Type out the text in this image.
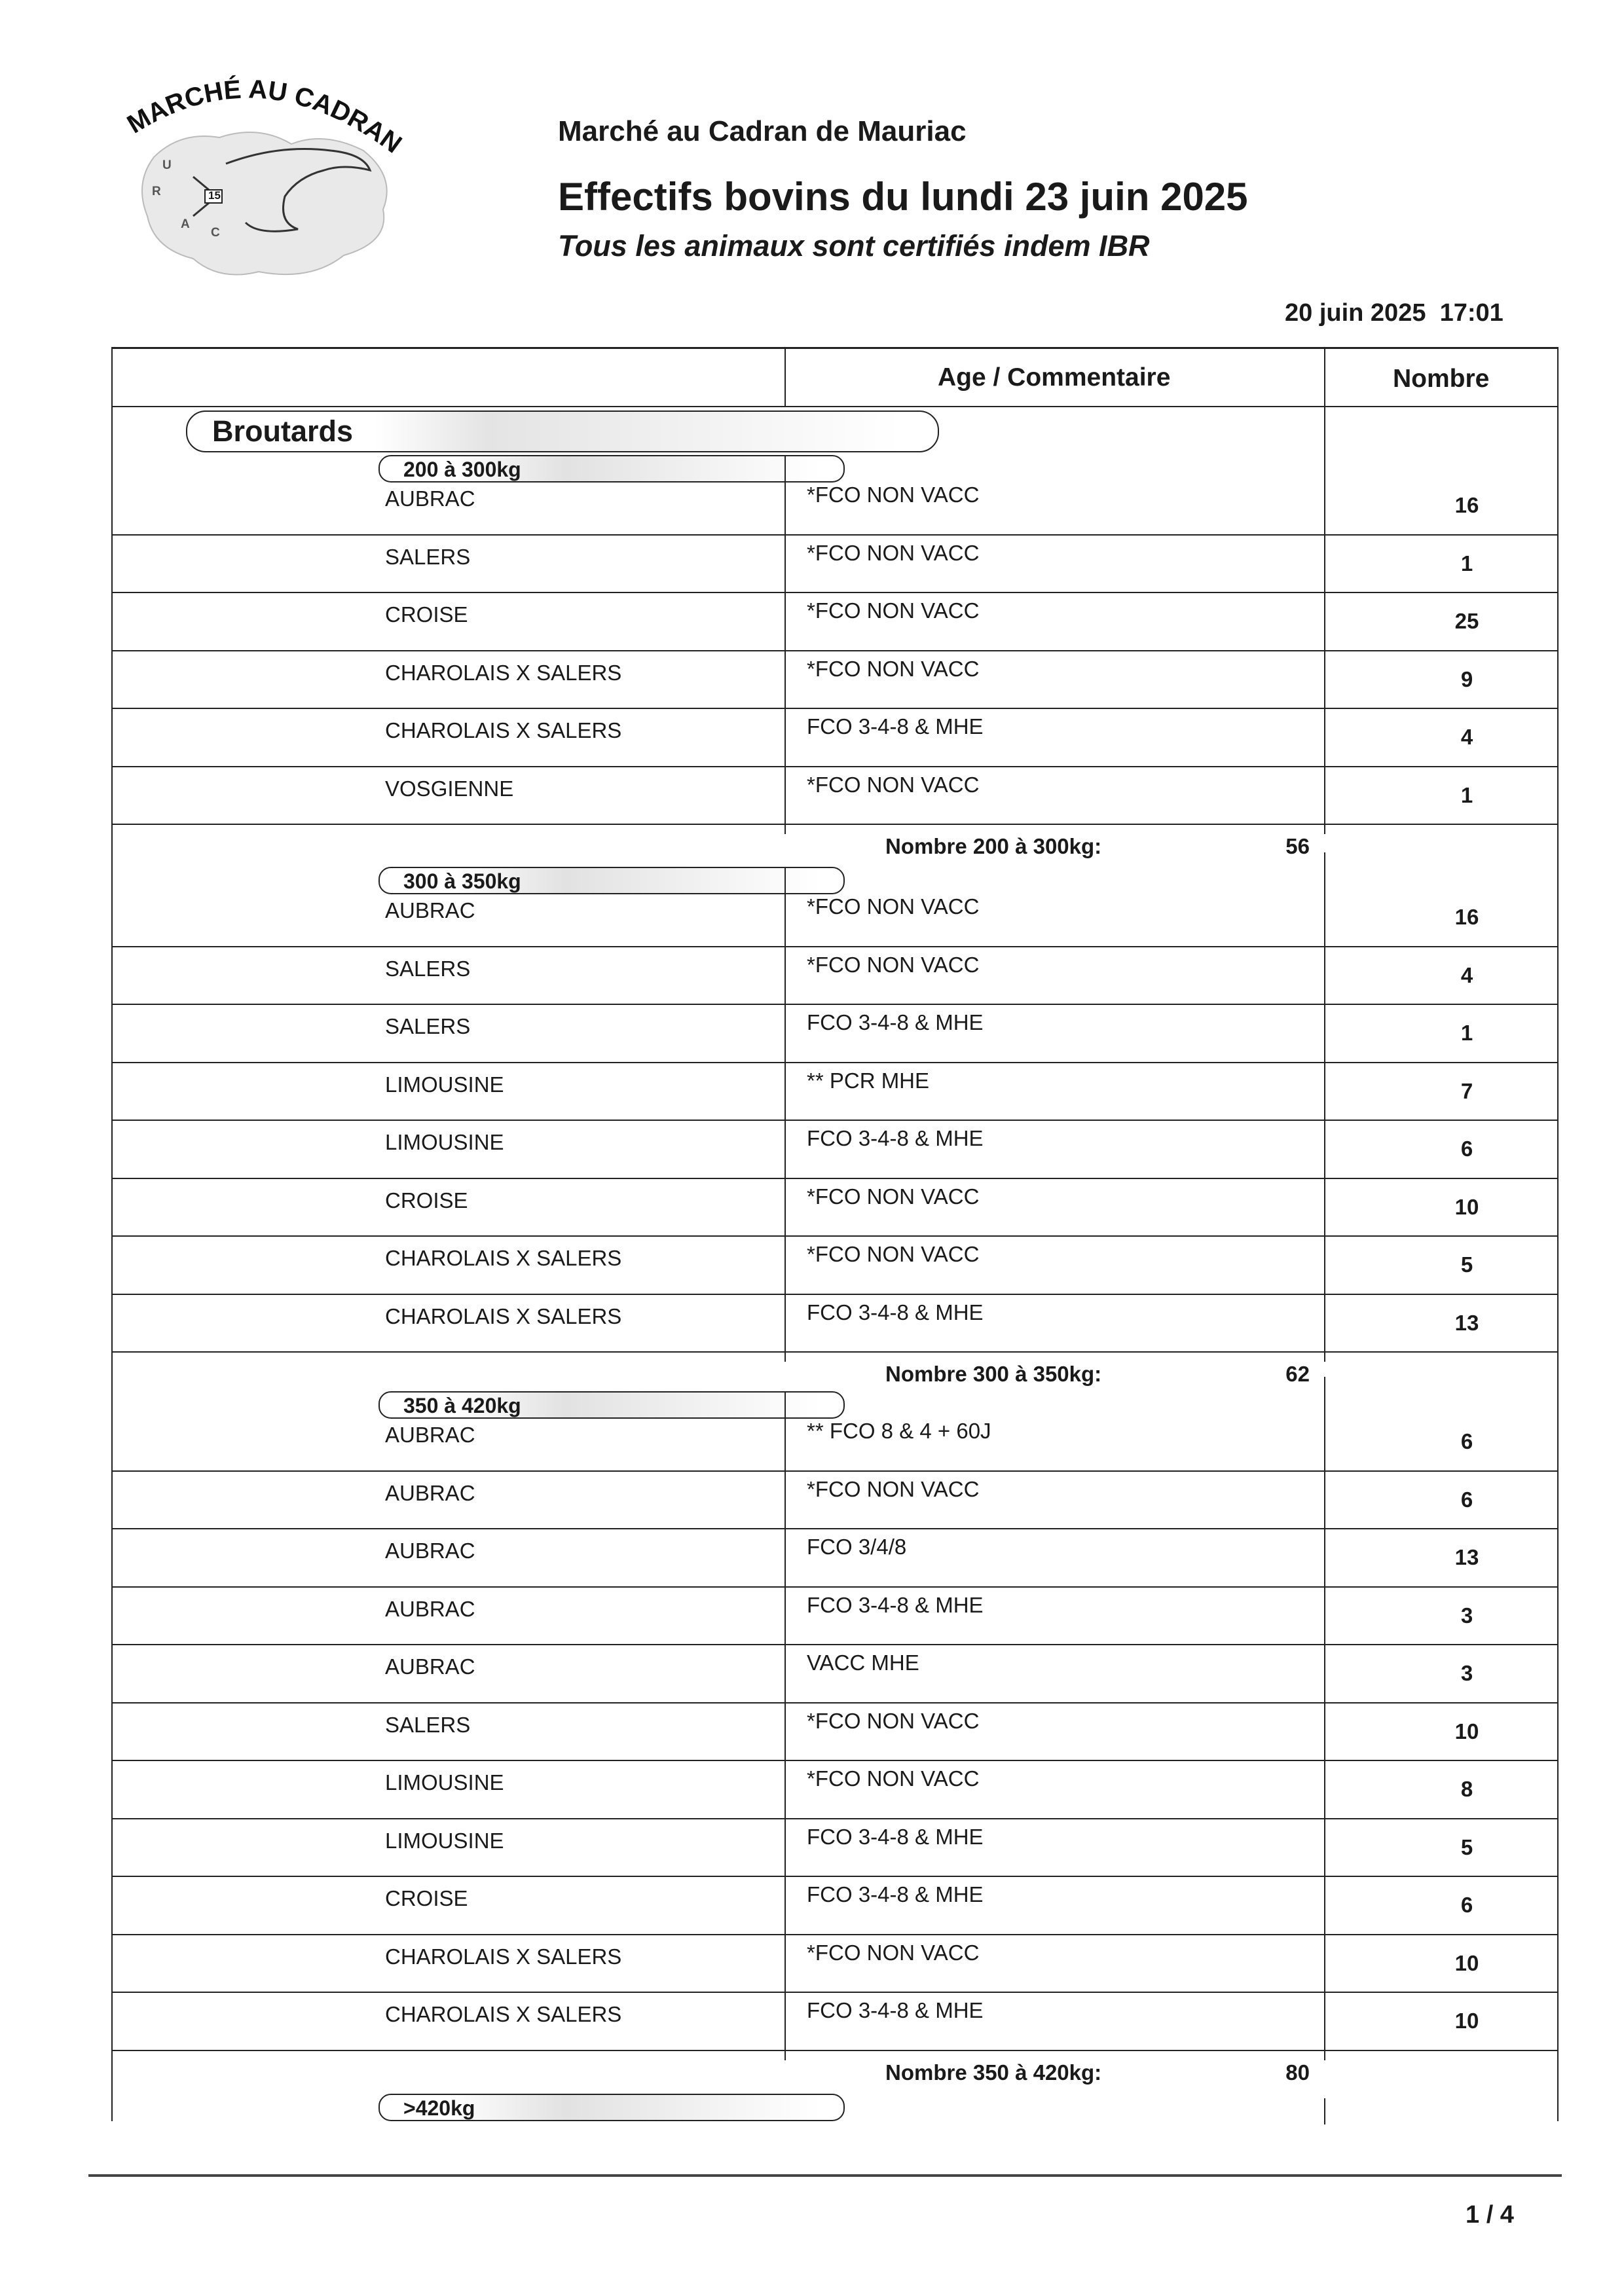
MARCHÉ AU CADRAN
15
U
R
A
C
Marché au Cadran de Mauriac
Effectifs bovins du lundi 23 juin 2025
Tous les animaux sont certifiés indem IBR
20 juin 2025  17:01
Age / Commentaire	Nombre
Broutards
200 à 300kg
AUBRAC	*FCO NON VACC	16
SALERS	*FCO NON VACC	1
CROISE	*FCO NON VACC	25
CHAROLAIS X SALERS	*FCO NON VACC	9
CHAROLAIS X SALERS	FCO 3-4-8 & MHE	4
VOSGIENNE	*FCO NON VACC	1
Nombre 200 à 300kg:	56
300 à 350kg
AUBRAC	*FCO NON VACC	16
SALERS	*FCO NON VACC	4
SALERS	FCO 3-4-8 & MHE	1
LIMOUSINE	** PCR MHE	7
LIMOUSINE	FCO 3-4-8 & MHE	6
CROISE	*FCO NON VACC	10
CHAROLAIS X SALERS	*FCO NON VACC	5
CHAROLAIS X SALERS	FCO 3-4-8 & MHE	13
Nombre 300 à 350kg:	62
350 à 420kg
AUBRAC	** FCO 8 & 4 + 60J	6
AUBRAC	*FCO NON VACC	6
AUBRAC	FCO 3/4/8	13
AUBRAC	FCO 3-4-8 & MHE	3
AUBRAC	VACC MHE	3
SALERS	*FCO NON VACC	10
LIMOUSINE	*FCO NON VACC	8
LIMOUSINE	FCO 3-4-8 & MHE	5
CROISE	FCO 3-4-8 & MHE	6
CHAROLAIS X SALERS	*FCO NON VACC	10
CHAROLAIS X SALERS	FCO 3-4-8 & MHE	10
Nombre 350 à 420kg:	80
>420kg
1 / 4
